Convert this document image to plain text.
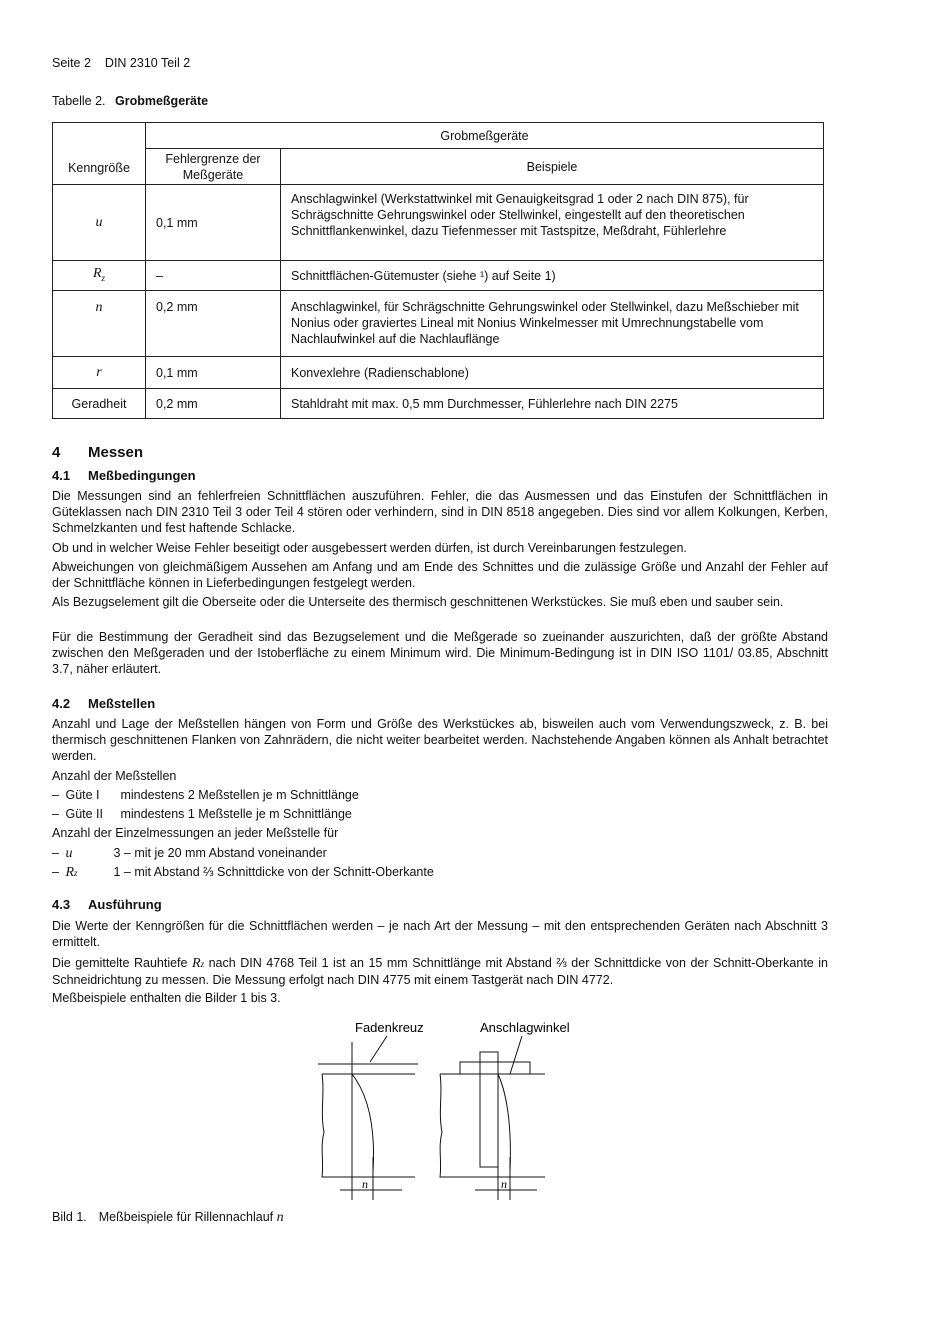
Seite 2 DIN 2310 Teil 2
Tabelle 2. Grobmeßgeräte
Kenngröße	Grobmeßgeräte	
	Fehlergrenze der Meßgeräte	Beispiele
u	0,1 mm	Anschlagwinkel (Werkstattwinkel mit Genauigkeitsgrad 1 oder 2 nach DIN 875), für Schrägschnitte Gehrungswinkel oder Stellwinkel, eingestellt auf den theoretischen Schnittflankenwinkel, dazu Tiefenmesser mit Tastspitze, Meßdraht, Fühlerlehre
$R_z$	–	Schnittflächen-Gütemuster (siehe ¹) auf Seite 1)
n	0,2 mm	Anschlagwinkel, für Schrägschnitte Gehrungswinkel oder Stellwinkel, dazu Meßschieber mit Nonius oder graviertes Lineal mit Nonius Winkelmesser mit Umrechnungstabelle vom Nachlaufwinkel auf die Nachlauflänge
r	0,1 mm	Konvexlehre (Radienschablone)
Geradheit	0,2 mm	Stahldraht mit max. 0,5 mm Durchmesser, Fühlerlehre nach DIN 2275
4 Messen
4.1 Meßbedingungen
Die Messungen sind an fehlerfreien Schnittflächen auszuführen. Fehler, die das Ausmessen und das Einstufen der Schnittflächen in Güteklassen nach DIN 2310 Teil 3 oder Teil 4 stören oder verhindern, sind in DIN 8518 angegeben. Dies sind vor allem Kolkungen, Kerben, Schmelzkanten und fest haftende Schlacke.
Ob und in welcher Weise Fehler beseitigt oder ausgebessert werden dürfen, ist durch Vereinbarungen festzulegen.
Abweichungen von gleichmäßigem Aussehen am Anfang und am Ende des Schnittes und die zulässige Größe und Anzahl der Fehler auf der Schnittfläche können in Lieferbedingungen festgelegt werden.
Als Bezugselement gilt die Oberseite oder die Unterseite des thermisch geschnittenen Werkstückes. Sie muß eben und sauber sein.
Für die Bestimmung der Geradheit sind das Bezugselement und die Meßgerade so zueinander auszurichten, daß der größte Abstand zwischen den Meßgeraden und der Istoberfläche zu einem Minimum wird. Die Minimum-Bedingung ist in DIN ISO 1101/ 03.85, Abschnitt 3.7, näher erläutert.
4.2 Meßstellen
Anzahl und Lage der Meßstellen hängen von Form und Größe des Werkstückes ab, bisweilen auch vom Verwendungszweck, z. B. bei thermisch geschnittenen Flanken von Zahnrädern, die nicht weiter bearbeitet werden. Nachstehende Angaben können als Anhalt betrachtet werden.
Anzahl der Meßstellen
– Güte I mindestens 2 Meßstellen je m Schnittlänge
– Güte II mindestens 1 Meßstelle je m Schnittlänge
Anzahl der Einzelmessungen an jeder Meßstelle für
– u	3 – mit je 20 mm Abstand voneinander
– Rz	1 – mit Abstand ⅔ Schnittdicke von der Schnitt-Oberkante
4.3 Ausführung
Die Werte der Kenngrößen für die Schnittflächen werden – je nach Art der Messung – mit den entsprechenden Geräten nach Abschnitt 3 ermittelt.
Die gemittelte Rauhtiefe Rz nach DIN 4768 Teil 1 ist an 15 mm Schnittlänge mit Abstand ⅔ der Schnittdicke von der Schnitt-Oberkante in Schneidrichtung zu messen. Die Messung erfolgt nach DIN 4775 mit einem Tastgerät nach DIN 4772.
Meßbeispiele enthalten die Bilder 1 bis 3.
Fadenkreuz	Anschlagwinkel
n	n
Bild 1. Meßbeispiele für Rillennachlauf n
